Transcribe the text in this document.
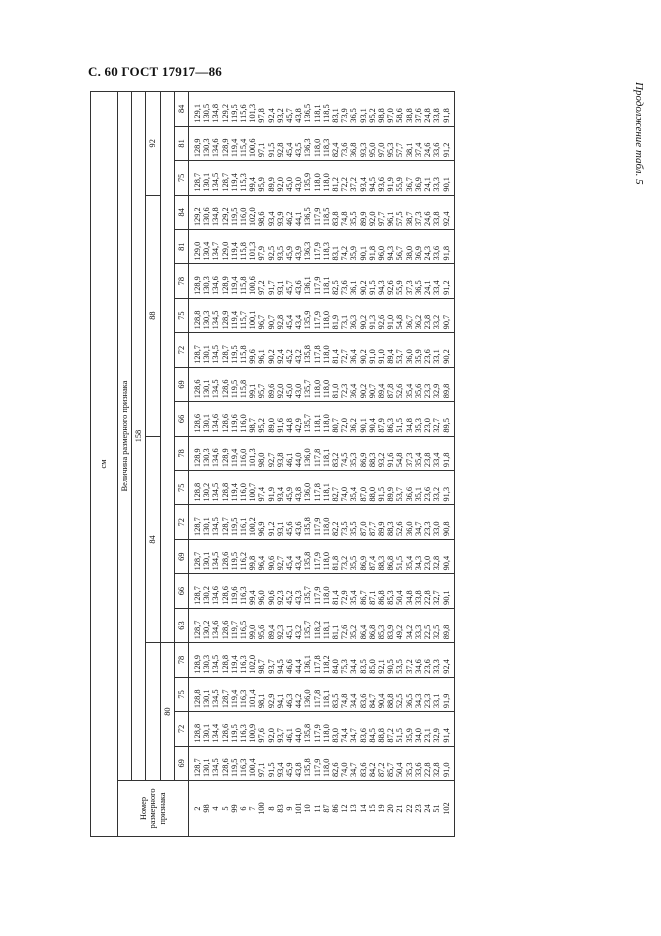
С. 60 ГОСТ 17917—86
Продолжение табл. 5
см																				
Номер размерного признака	Величина размерного признака																			
	158																			
					84						88							92		
	80																			
	69	72	75	78	63	66	69	72	75	78	66	69	72	75	78	81	84	75	81	84
2	128,7	128,8	128,8	128,9	128,7	128,7	128,7	128,7	128,8	128,9	128,6	128,6	128,7	128,8	128,9	129,0	129,2	128,7	128,9	129,1
98	130,1	130,1	130,1	130,3	130,2	130,2	130,1	130,1	130,2	130,3	130,1	130,1	130,1	130,3	130,3	130,4	130,6	130,1	130,3	130,5
4	134,5	134,4	134,5	134,5	134,6	134,6	134,5	134,5	134,5	134,6	134,6	134,5	134,5	134,5	134,6	134,7	134,8	134,5	134,6	134,8
5	128,6	128,6	128,7	128,8	128,6	128,6	128,6	128,7	128,8	128,9	128,6	128,6	128,7	128,9	128,9	129,0	129,2	128,7	128,9	129,2
99	119,5	119,5	119,4	119,4	119,7	119,6	119,5	119,5	119,4	119,4	119,6	119,5	119,5	119,4	119,4	119,4	119,5	119,4	119,4	119,5
6	116,3	116,3	116,3	116,3	116,5	116,3	116,2	116,1	116,0	116,0	116,0	115,8	115,8	115,7	115,8	115,8	116,0	115,3	115,4	115,6
7	100,4	100,9	101,4	102,0	99,0	99,4	99,8	100,2	100,7	101,3	98,7	99,1	99,6	100,1	100,6	101,3	102,0	99,4	100,6	101,3
100	97,1	97,6	98,1	98,7	95,6	96,0	96,4	96,9	97,4	98,0	95,2	95,7	96,1	96,7	97,2	97,9	98,6	95,9	97,1	97,8
8	91,5	92,0	92,9	93,7	89,4	90,6	90,6	91,2	91,9	92,7	89,0	89,6	90,2	90,7	91,7	92,5	93,4	89,9	91,5	92,4
83	93,4	93,7	94,1	94,5	92,3	92,3	92,7	93,1	93,4	93,8	91,6	92,0	92,4	92,8	93,1	93,5	93,9	92,0	92,8	93,2
9	45,9	46,1	46,3	46,6	45,1	45,2	45,4	45,6	45,9	46,1	44,8	45,0	45,2	45,4	45,7	45,9	46,2	45,0	45,4	45,7
101	43,8	44,0	44,2	44,4	43,2	43,3	43,4	43,6	43,8	44,0	42,9	43,0	43,2	43,4	43,6	43,9	44,1	43,0	43,5	43,8
10	135,8	135,8	136,0	136,1	135,7	135,7	135,8	135,8	136,0	136,0	135,7	135,7	135,8	135,9	136,1	136,3	136,5	135,9	136,3	136,5
11	117,9	117,9	117,8	117,8	118,2	117,9	117,9	117,9	117,8	117,8	118,1	118,0	117,8	117,9	117,9	117,9	117,9	118,0	118,0	118,1
87	118,0	118,0	118,1	118,2	118,1	118,0	118,0	118,0	118,1	118,1	118,0	118,0	118,0	118,0	118,1	118,3	118,5	118,0	118,3	118,5
86	82,6	83,0	83,5	84,0	81,1	81,4	81,8	82,2	82,7	83,2	80,7	81,0	81,4	81,9	82,5	83,1	83,8	81,2	82,4	83,1
12	74,0	74,4	74,8	75,3	72,6	72,9	73,2	73,5	74,0	74,5	72,0	72,3	72,7	73,1	73,6	74,2	74,8	72,2	73,6	73,9
13	34,7	34,7	34,4	34,4	35,2	35,4	35,5	35,5	35,4	35,3	36,2	36,4	36,4	36,3	36,1	35,9	35,5	37,2	36,8	36,5
14	83,6	83,6	83,6	83,5	86,4	86,7	86,9	87,0	87,0	86,9	90,1	90,2	90,2	90,2	90,2	90,1	89,9	93,4	93,3	93,1
15	84,2	84,5	84,7	85,0	86,8	87,1	87,4	87,7	88,0	88,3	90,4	90,7	91,0	91,3	91,5	91,8	92,0	94,5	95,0	95,2
19	87,2	88,8	90,4	92,1	85,3	86,8	88,3	89,9	91,5	93,2	87,9	89,4	91,0	92,6	94,3	96,0	97,7	93,6	97,0	98,8
20	85,7	87,2	88,8	90,5	83,9	85,3	86,8	88,3	89,9	91,6	86,3	87,8	89,4	91,0	92,6	94,3	96,1	91,9	95,3	97,0
21	50,4	51,5	52,5	53,5	49,2	50,4	51,5	52,6	53,7	54,8	51,5	52,6	53,7	54,8	55,9	56,7	57,5	55,9	57,7	58,6
22	35,3	35,9	36,5	37,2	34,2	34,8	35,4	36,0	36,6	37,3	34,8	35,4	36,0	36,7	37,3	38,0	38,7	36,7	38,1	38,8
23	33,6	34,0	34,3	34,6	33,3	33,8	34,3	34,7	35,1	35,4	35,3	35,6	35,9	36,2	36,5	36,9	37,3	36,9	37,4	37,6
24	22,8	23,1	23,3	23,6	22,5	22,8	23,0	23,3	23,6	23,8	23,0	23,3	23,6	23,8	24,1	24,3	24,6	24,1	24,6	24,8
51	32,8	32,9	33,1	33,3	32,5	32,7	32,8	33,0	33,2	33,4	32,7	32,9	33,1	33,2	33,4	33,6	33,8	33,3	33,6	33,8
102	91,0	91,4	91,9	92,4	89,8	90,1	90,4	90,8	91,3	91,8	89,5	89,8	90,2	90,7	91,2	91,8	92,4	90,1	91,2	91,8
